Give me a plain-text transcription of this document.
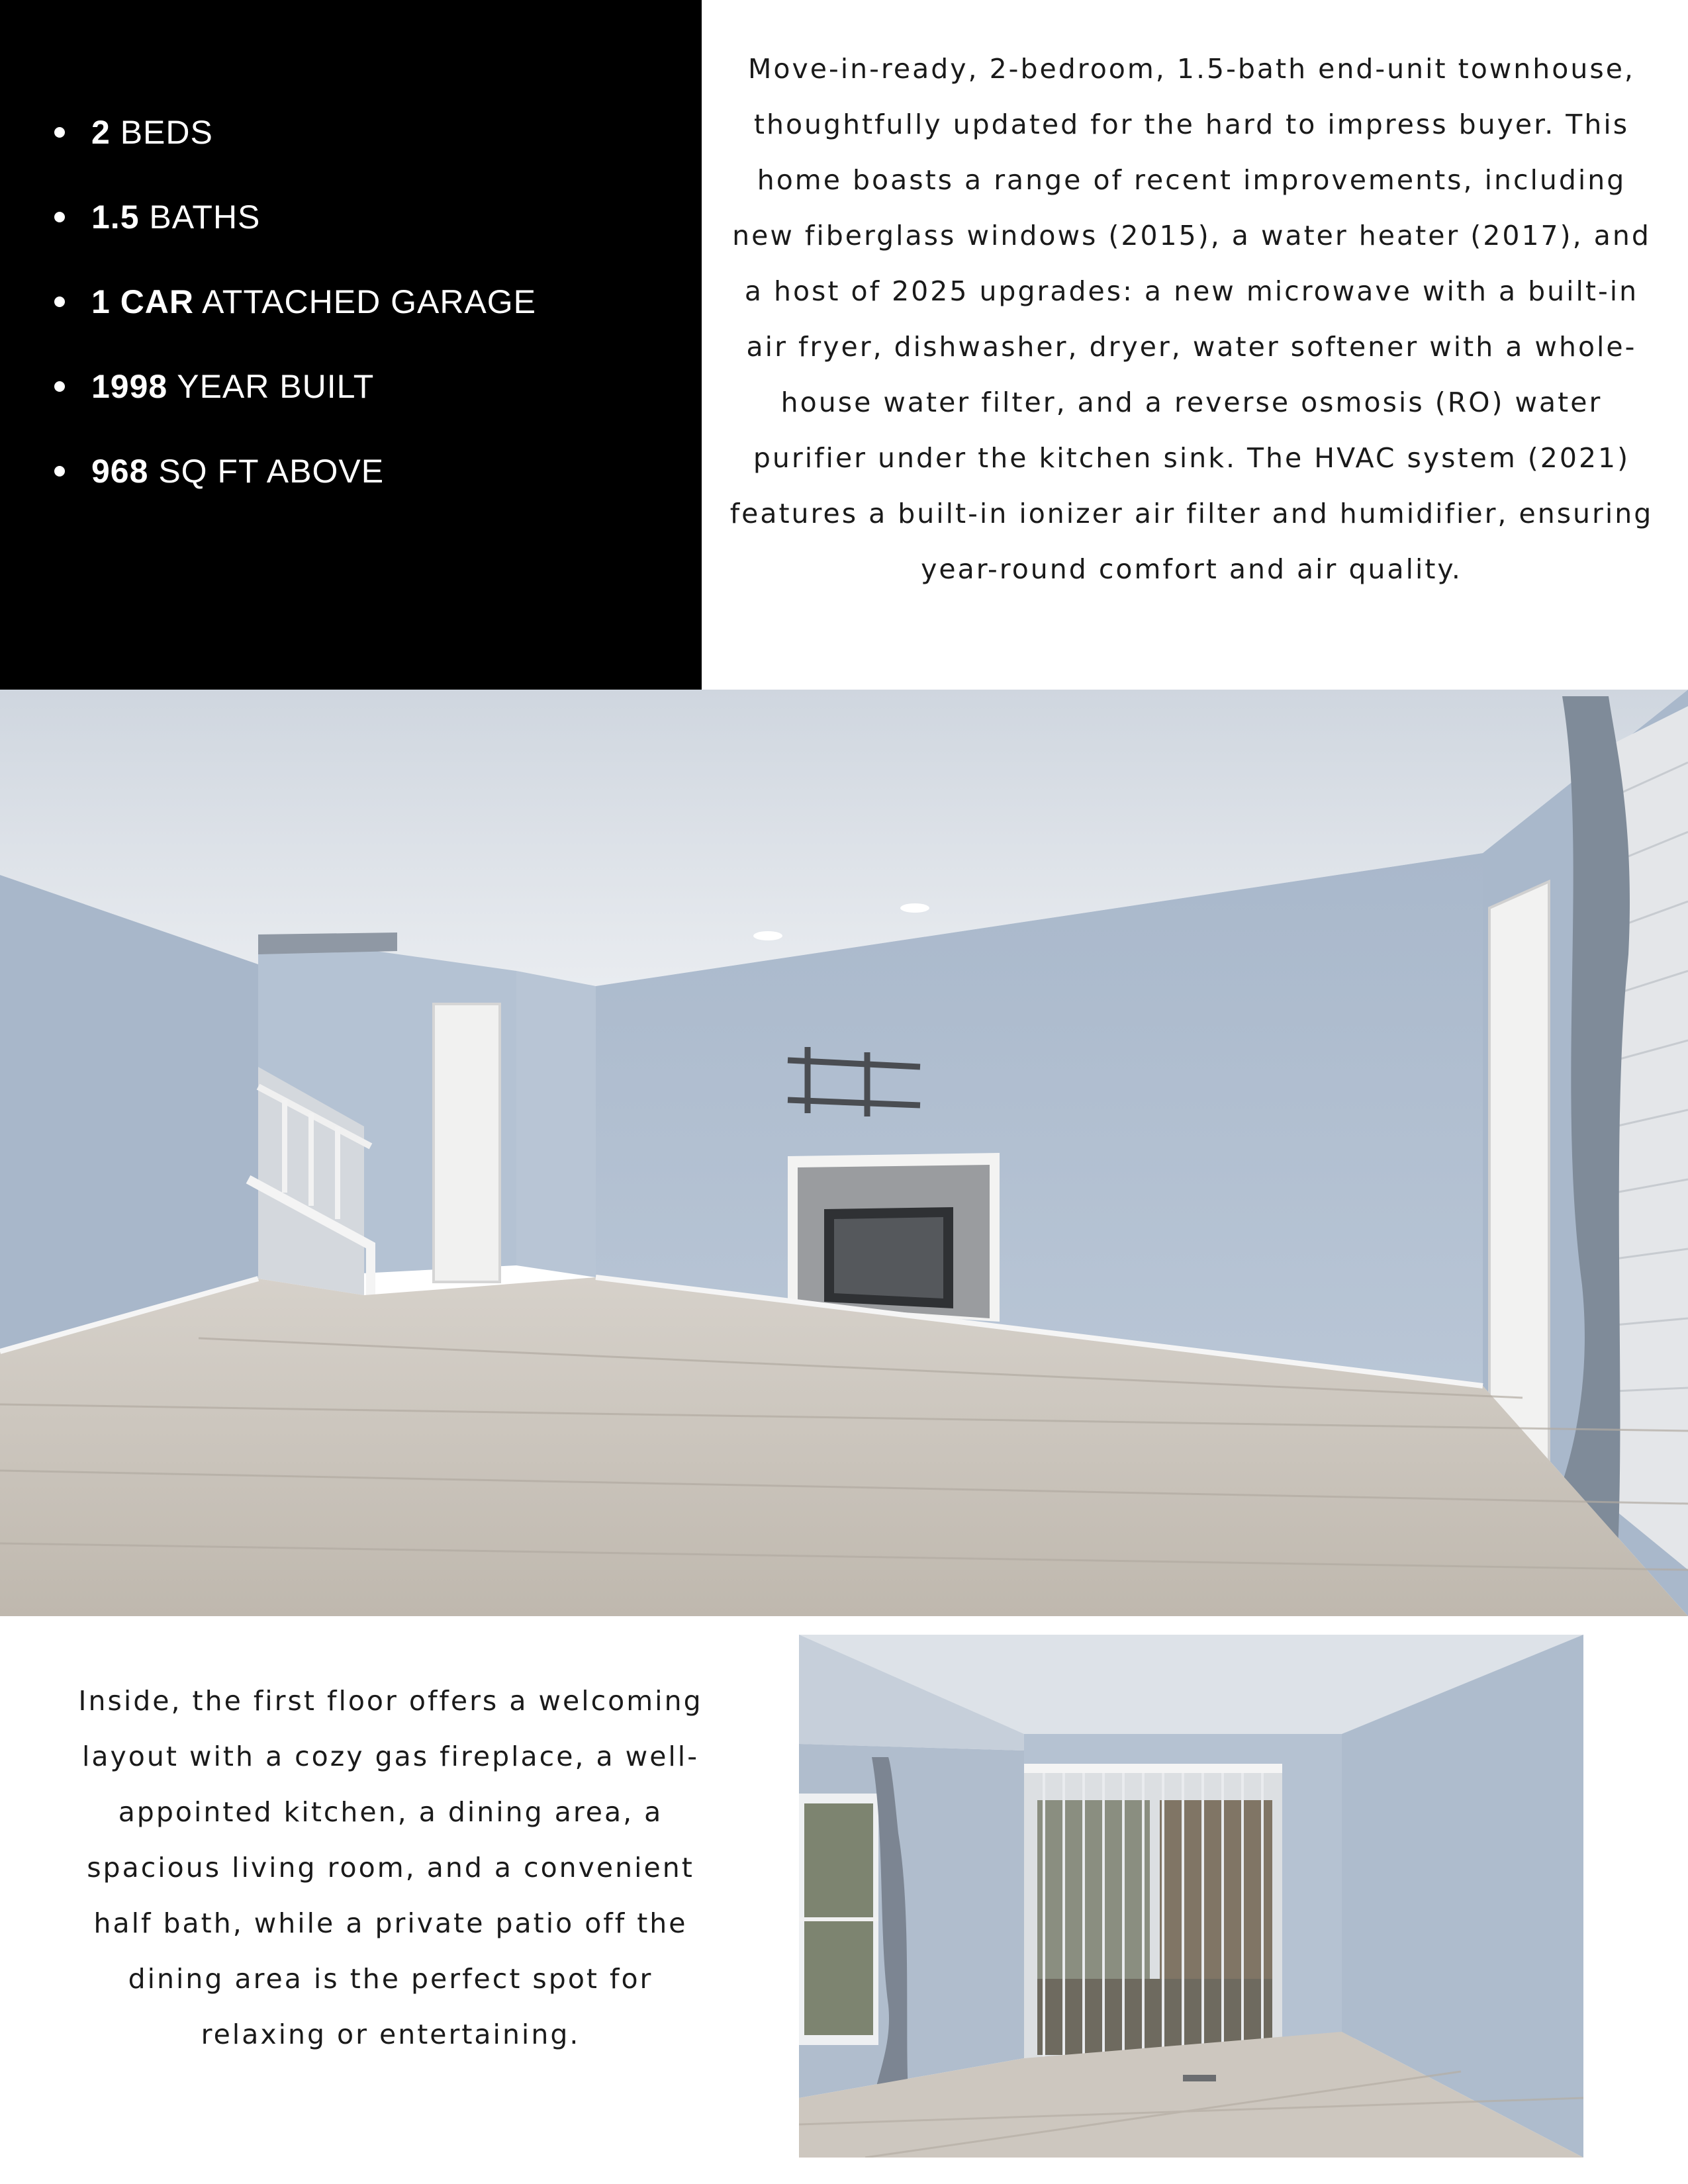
2 BEDS
1.5 BATHS
1 CAR ATTACHED GARAGE
1998 YEAR BUILT
968 SQ FT ABOVE

Move-in-ready, 2-bedroom, 1.5-bath end-unit townhouse, thoughtfully updated for the hard to impress buyer. This home boasts a range of recent improvements, including new fiberglass windows (2015), a water heater (2017), and a host of 2025 upgrades: a new microwave with a built-in air fryer, dishwasher, dryer, water softener with a whole-house water filter, and a reverse osmosis (RO) water purifier under the kitchen sink. The HVAC system (2021) features a built-in ionizer air filter and humidifier, ensuring year-round comfort and air quality.

Inside, the first floor offers a welcoming layout with a cozy gas fireplace, a well-appointed kitchen, a dining area, a spacious living room, and a convenient half bath, while a private patio off the dining area is the perfect spot for relaxing or entertaining.
